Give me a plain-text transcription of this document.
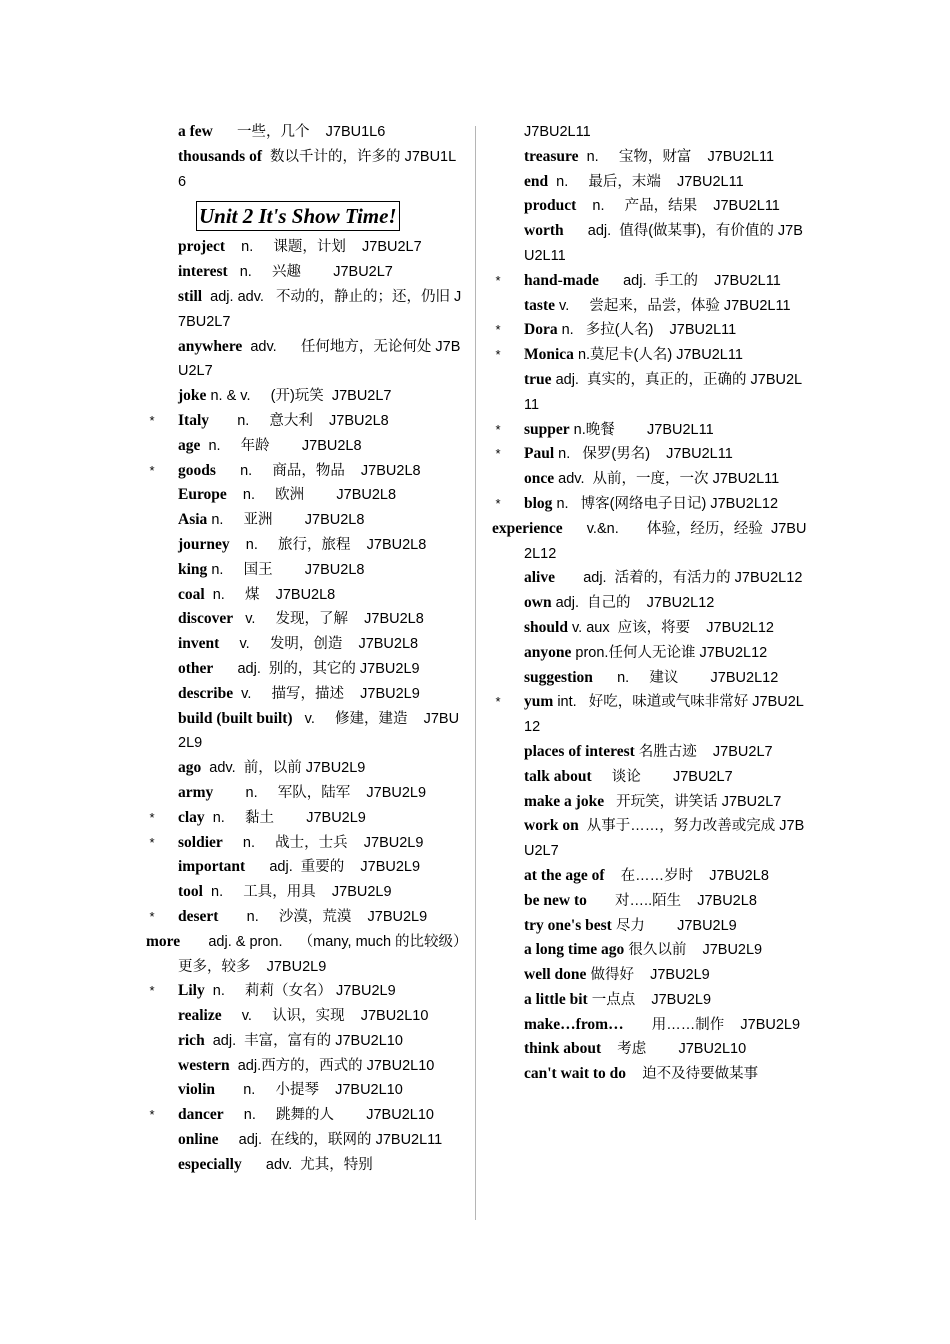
a few      一些，几个    J7BU1L6
thousands of  数以千计的，许多的 J7BU1L6
Unit 2 It's Show Time!
project    n.     课题，计划    J7BU2L7
interest   n.     兴趣        J7BU2L7
still  adj. adv.   不动的，静止的；还，仍旧 J7BU2L7
anywhere  adv.      任何地方，无论何处 J7BU2L7
joke n. & v.     (开)玩笑  J7BU2L7
* Italy       n.     意大利    J7BU2L8
age  n.     年龄        J7BU2L8
* goods      n.     商品，物品    J7BU2L8
Europe    n.     欧洲        J7BU2L8
Asia n.     亚洲        J7BU2L8
journey    n.     旅行，旅程    J7BU2L8
king n.     国王        J7BU2L8
coal  n.     煤    J7BU2L8
discover   v.     发现，了解    J7BU2L8
invent     v.     发明，创造    J7BU2L8
other      adj.  别的，其它的 J7BU2L9
describe  v.     描写，描述    J7BU2L9
build (built built)   v.     修建，建造    J7BU2L9
ago  adv.  前，以前 J7BU2L9
army        n.     军队，陆军    J7BU2L9
* clay  n.     黏土        J7BU2L9
* soldier     n.     战士，士兵    J7BU2L9
important      adj.  重要的    J7BU2L9
tool  n.     工具，用具    J7BU2L9
* desert       n.     沙漠，荒漠    J7BU2L9
more       adj. & pron.    （many, much 的比较级）更多，较多    J7BU2L9
* Lily  n.     莉莉（女名） J7BU2L9
realize     v.     认识，实现    J7BU2L10
rich  adj.  丰富，富有的 J7BU2L10
western  adj.西方的，西式的 J7BU2L10
violin       n.     小提琴    J7BU2L10
* dancer     n.     跳舞的人        J7BU2L10
online     adj.  在线的，联网的 J7BU2L11
especially      adv.  尤其，特别
J7BU2L11
treasure  n.     宝物，财富    J7BU2L11
end  n.     最后，末端    J7BU2L11
product    n.     产品，结果    J7BU2L11
worth      adj.  值得(做某事)，有价值的 J7BU2L11
* hand-made      adj.  手工的    J7BU2L11
taste v.     尝起来，品尝，体验 J7BU2L11
* Dora n.   多拉(人名)    J7BU2L11
* Monica n.莫尼卡(人名) J7BU2L11
true adj.  真实的，真正的，正确的 J7BU2L11
* supper n.晚餐        J7BU2L11
* Paul n.   保罗(男名)    J7BU2L11
once adv.  从前，一度，一次 J7BU2L11
* blog n.   博客(网络电子日记) J7BU2L12
experience      v.&n.       体验，经历，经验  J7BU2L12
alive       adj.  活着的，有活力的 J7BU2L12
own adj.  自己的    J7BU2L12
should v. aux  应该，将要    J7BU2L12
anyone pron.任何人无论谁 J7BU2L12
suggestion      n.     建议        J7BU2L12
* yum int.   好吃，味道或气味非常好 J7BU2L12
places of interest 名胜古迹    J7BU2L7
talk about     谈论        J7BU2L7
make a joke   开玩笑，讲笑话 J7BU2L7
work on  从事于……，努力改善或完成 J7BU2L7
at the age of    在……岁时    J7BU2L8
be new to       对…..陌生    J7BU2L8
try one's best 尽力        J7BU2L9
a long time ago 很久以前    J7BU2L9
well done 做得好    J7BU2L9
a little bit 一点点    J7BU2L9
make…from…       用……制作    J7BU2L9
think about    考虑        J7BU2L10
can't wait to do    迫不及待要做某事
